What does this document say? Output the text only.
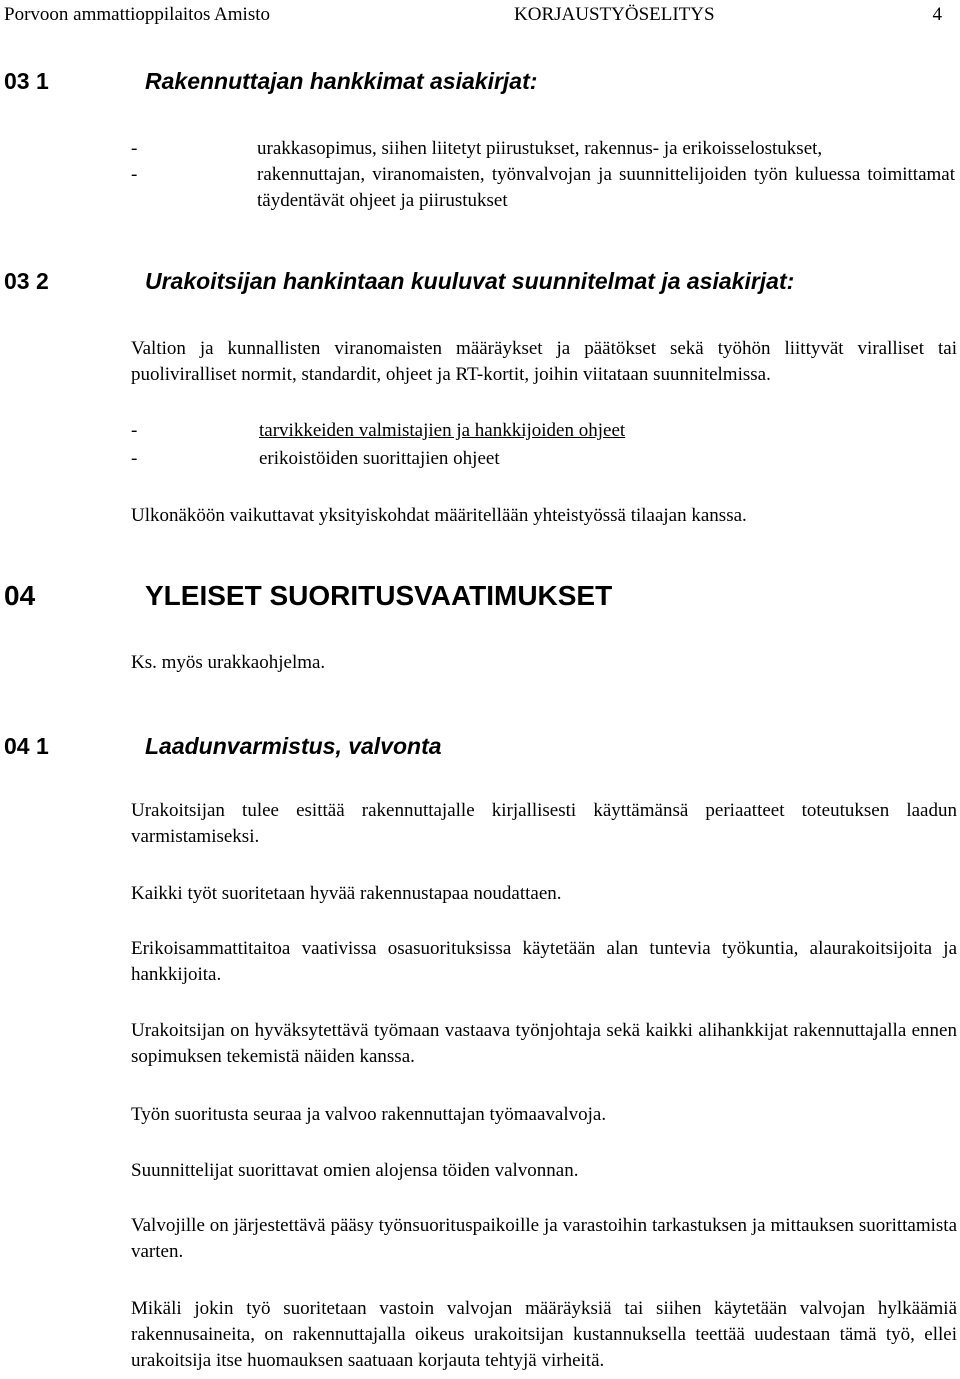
Porvoon ammattioppilaitos Amisto	KORJAUSTYÖSELITYS	4
03 1	Rakennuttajan hankkimat asiakirjat:
-	urakkasopimus, siihen liitetyt piirustukset, rakennus- ja erikoisselostukset,
-	rakennuttajan, viranomaisten, työnvalvojan ja suunnittelijoiden työn kuluessa toimittamat täydentävät ohjeet ja piirustukset
03 2	Urakoitsijan hankintaan kuuluvat suunnitelmat ja asiakirjat:
Valtion ja kunnallisten viranomaisten määräykset ja päätökset sekä työhön liittyvät viralliset tai puoliviralliset normit, standardit, ohjeet ja RT-kortit, joihin viitataan suunnitelmissa.
-	tarvikkeiden valmistajien ja hankkijoiden ohjeet
-	erikoistöiden suorittajien ohjeet
Ulkonäköön vaikuttavat yksityiskohdat määritellään yhteistyössä tilaajan kanssa.
04	YLEISET SUORITUSVAATIMUKSET
Ks. myös urakkaohjelma.
04 1	Laadunvarmistus, valvonta
Urakoitsijan tulee esittää rakennuttajalle kirjallisesti käyttämänsä periaatteet toteutuksen laadun varmistamiseksi.
Kaikki työt suoritetaan hyvää rakennustapaa noudattaen.
Erikoisammattitaitoa vaativissa osasuorituksissa käytetään alan tuntevia työkuntia, alaurakoitsijoita ja hankkijoita.
Urakoitsijan on hyväksytettävä työmaan vastaava työnjohtaja sekä kaikki alihankkijat rakennuttajalla ennen sopimuksen tekemistä näiden kanssa.
Työn suoritusta seuraa ja valvoo rakennuttajan työmaavalvoja.
Suunnittelijat suorittavat omien alojensa töiden valvonnan.
Valvojille on järjestettävä pääsy työnsuorituspaikoille ja varastoihin tarkastuksen ja mittauksen suorittamista varten.
Mikäli jokin työ suoritetaan vastoin valvojan määräyksiä tai siihen käytetään valvojan hylkäämiä rakennusaineita, on rakennuttajalla oikeus urakoitsijan kustannuksella teettää uudestaan tämä työ, ellei urakoitsija itse huomauksen saatuaan korjauta tehtyjä virheitä.
